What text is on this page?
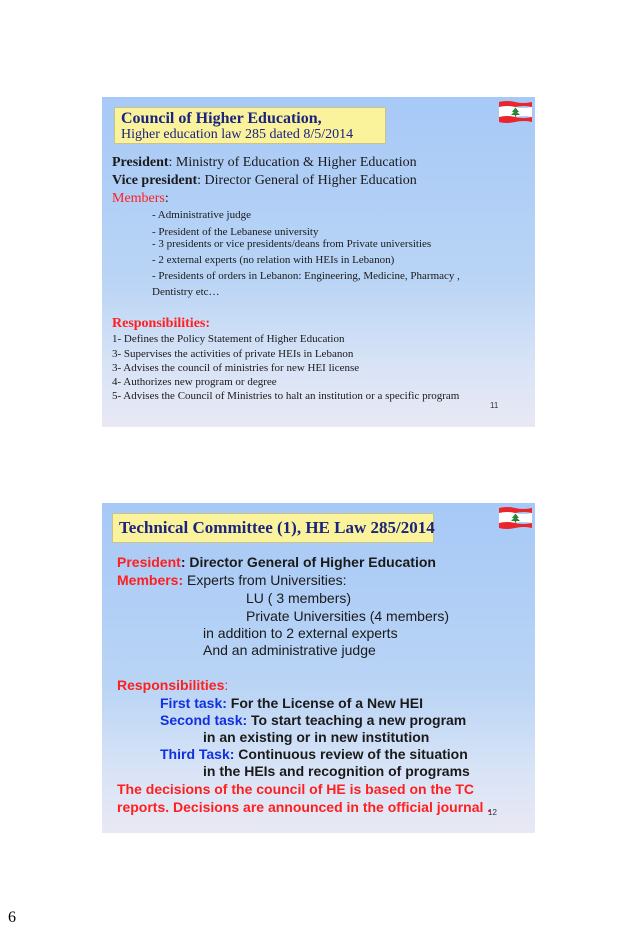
Council of Higher Education,
Higher education law 285 dated 8/5/2014
President: Ministry of Education & Higher Education
Vice president: Director General of Higher Education
Members:
- Administrative judge
- President of the Lebanese university
- 3 presidents or vice presidents/deans from Private universities
- 2 external experts (no relation with HEIs in Lebanon)
- Presidents of orders in Lebanon: Engineering, Medicine, Pharmacy ,
Dentistry etc…
Responsibilities:
1- Defines the Policy Statement of Higher Education
3- Supervises the activities of private HEIs in Lebanon
3- Advises the council of ministries for new HEI license
4- Authorizes new program or degree
5- Advises the Council of Ministries to halt an institution or a specific program
11
Technical Committee (1), HE Law 285/2014
President: Director General of Higher Education
Members: Experts from Universities:
LU ( 3 members)
Private Universities (4 members)
in addition to 2 external experts
And an administrative judge
Responsibilities:
First task: For the License of a New HEI
Second task: To start teaching a new program
in an existing or in new institution
Third Task: Continuous review of the situation
in the HEIs and recognition of programs
The decisions of the council of HE is based on the TC
reports. Decisions are announced in the official journal .
12
6
